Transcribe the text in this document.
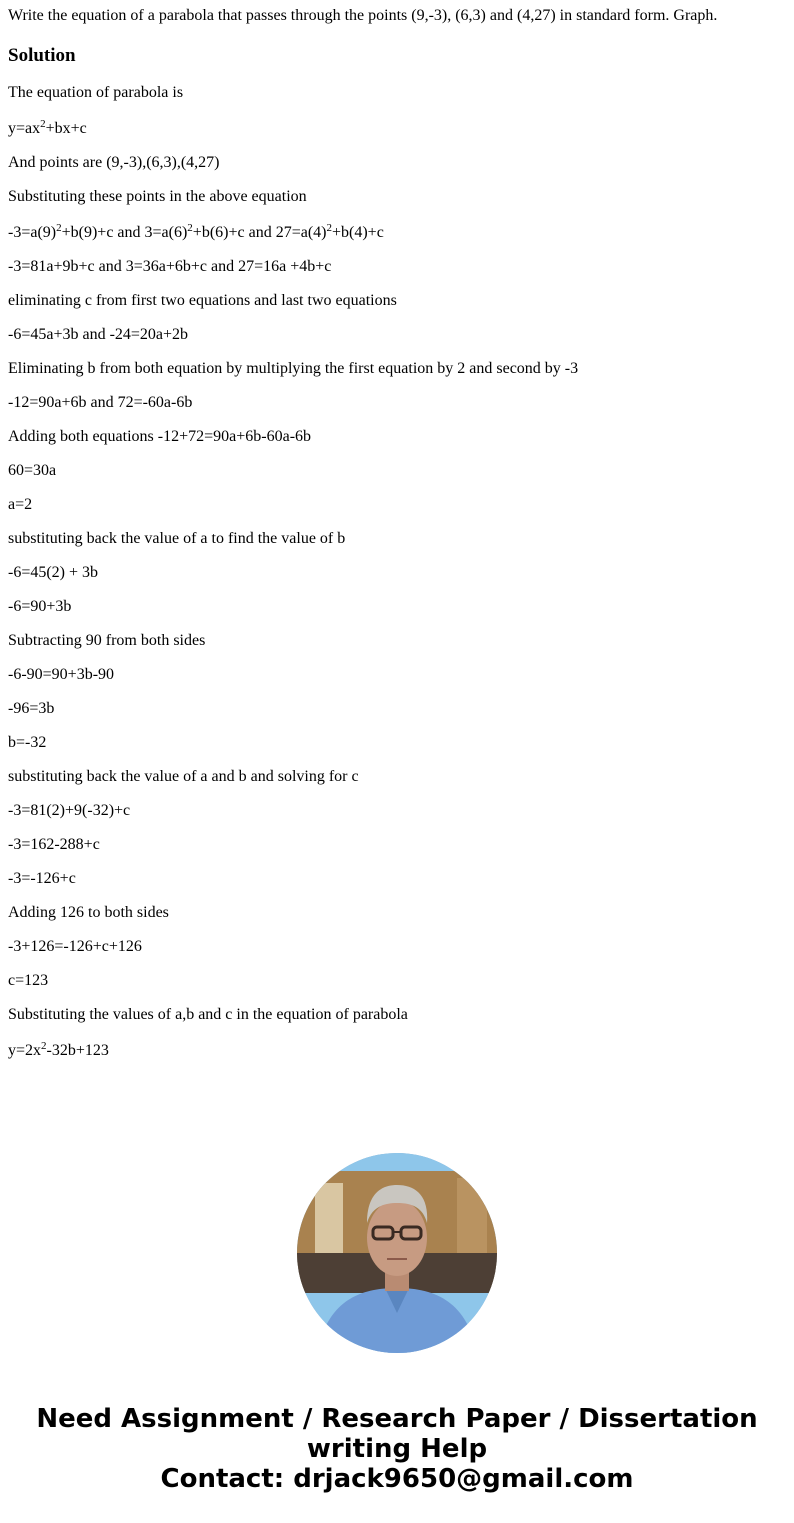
Write the equation of a parabola that passes through the points (9,-3), (6,3) and (4,27) in standard form. Graph.

Solution
The equation of parabola is
$y=ax^2+bx+c$
And points are (9,-3),(6,3),(4,27)
Substituting these points in the above equation
$-3=a(9)^2+b(9)+c$ and $3=a(6)^2+b(6)+c$ and $27=a(4)^2+b(4)+c$
-3=81a+9b+c and 3=36a+6b+c and 27=16a +4b+c
eliminating c from first two equations and last two equations
-6=45a+3b and -24=20a+2b
Eliminating b from both equation by multiplying the first equation by 2 and second by -3
-12=90a+6b and 72=-60a-6b
Adding both equations -12+72=90a+6b-60a-6b
60=30a
a=2
substituting back the value of a to find the value of b
-6=45(2) + 3b
-6=90+3b
Subtracting 90 from both sides
-6-90=90+3b-90
-96=3b
b=-32
substituting back the value of a and b and solving for c
-3=81(2)+9(-32)+c
-3=162-288+c
-3=-126+c
Adding 126 to both sides
-3+126=-126+c+126
c=123
Substituting the values of a,b and c in the equation of parabola
$y=2x^2-32b+123$
Need Assignment / Research Paper / Dissertation
writing Help
Contact: drjack9650@gmail.com
